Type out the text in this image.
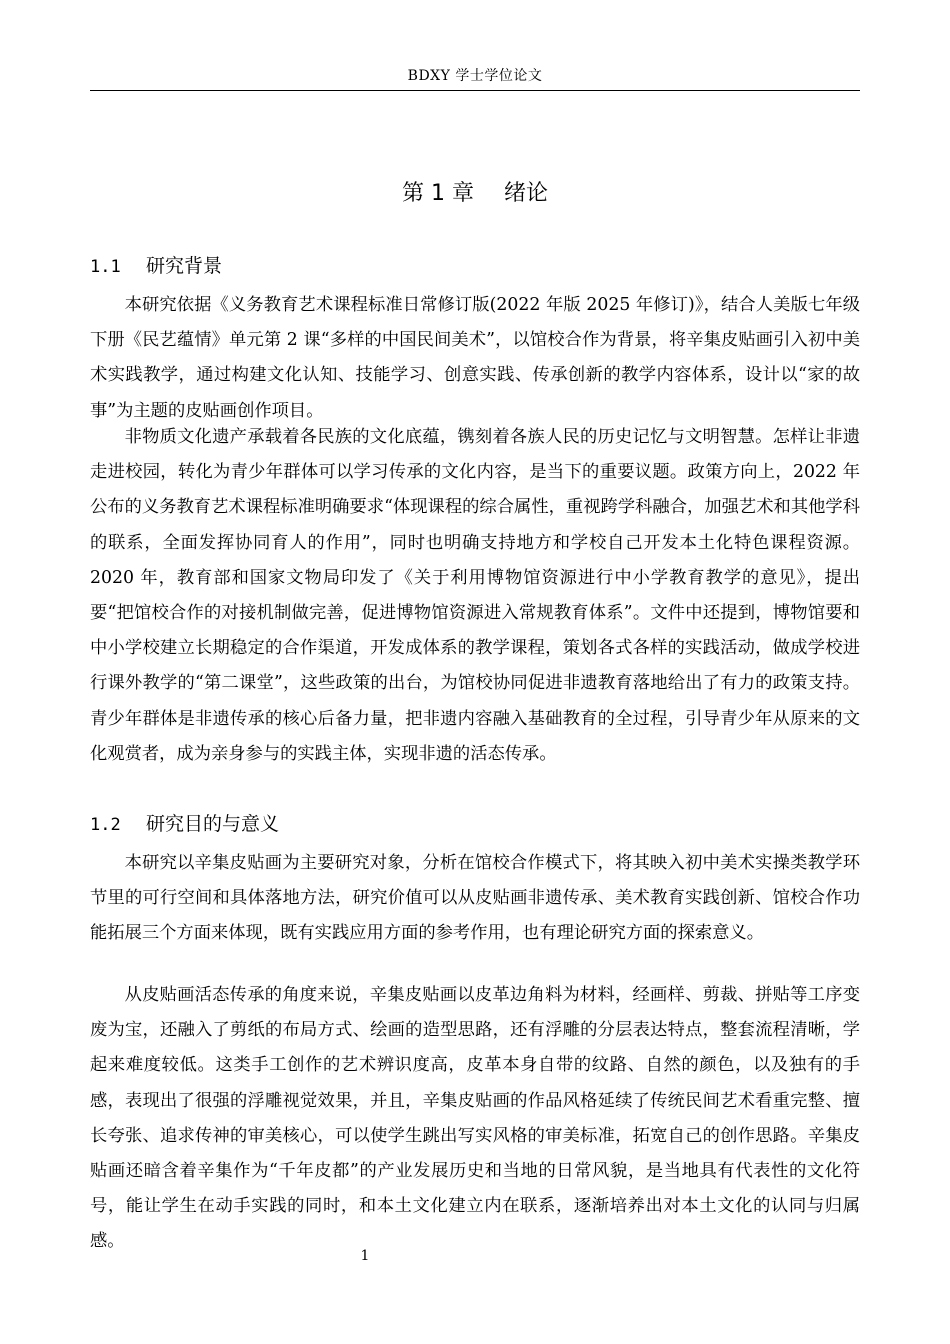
BDXY 学士学位论文
第 1 章 绪论
1.1 研究背景

本研究依据《义务教育艺术课程标准日常修订版(2022 年版 2025 年修订)》，结合人美版七年级下册《民艺蕴情》单元第 2 课“多样的中国民间美术”，以馆校合作为背景，将辛集皮贴画引入初中美术实践教学，通过构建文化认知、技能学习、创意实践、传承创新的教学内容体系，设计以“家的故事”为主题的皮贴画创作项目。

非物质文化遗产承载着各民族的文化底蕴，镌刻着各族人民的历史记忆与文明智慧。怎样让非遗走进校园，转化为青少年群体可以学习传承的文化内容，是当下的重要议题。政策方向上，2022 年公布的义务教育艺术课程标准明确要求“体现课程的综合属性，重视跨学科融合，加强艺术和其他学科的联系，全面发挥协同育人的作用”，同时也明确支持地方和学校自己开发本土化特色课程资源。2020 年，教育部和国家文物局印发了《关于利用博物馆资源进行中小学教育教学的意见》，提出要“把馆校合作的对接机制做完善，促进博物馆资源进入常规教育体系”。文件中还提到，博物馆要和中小学校建立长期稳定的合作渠道，开发成体系的教学课程，策划各式各样的实践活动，做成学校进行课外教学的“第二课堂”，这些政策的出台，为馆校协同促进非遗教育落地给出了有力的政策支持。青少年群体是非遗传承的核心后备力量，把非遗内容融入基础教育的全过程，引导青少年从原来的文化观赏者，成为亲身参与的实践主体，实现非遗的活态传承。

1.2 研究目的与意义

本研究以辛集皮贴画为主要研究对象，分析在馆校合作模式下，将其映入初中美术实操类教学环节里的可行空间和具体落地方法，研究价值可以从皮贴画非遗传承、美术教育实践创新、馆校合作功能拓展三个方面来体现，既有实践应用方面的参考作用，也有理论研究方面的探索意义。

从皮贴画活态传承的角度来说，辛集皮贴画以皮革边角料为材料，经画样、剪裁、拼贴等工序变废为宝，还融入了剪纸的布局方式、绘画的造型思路，还有浮雕的分层表达特点，整套流程清晰，学起来难度较低。这类手工创作的艺术辨识度高，皮革本身自带的纹路、自然的颜色，以及独有的手感，表现出了很强的浮雕视觉效果，并且，辛集皮贴画的作品风格延续了传统民间艺术看重完整、擅长夸张、追求传神的审美核心，可以使学生跳出写实风格的审美标准，拓宽自己的创作思路。辛集皮贴画还暗含着辛集作为“千年皮都”的产业发展历史和当地的日常风貌，是当地具有代表性的文化符号，能让学生在动手实践的同时，和本土文化建立内在联系，逐渐培养出对本土文化的认同与归属感。

1
